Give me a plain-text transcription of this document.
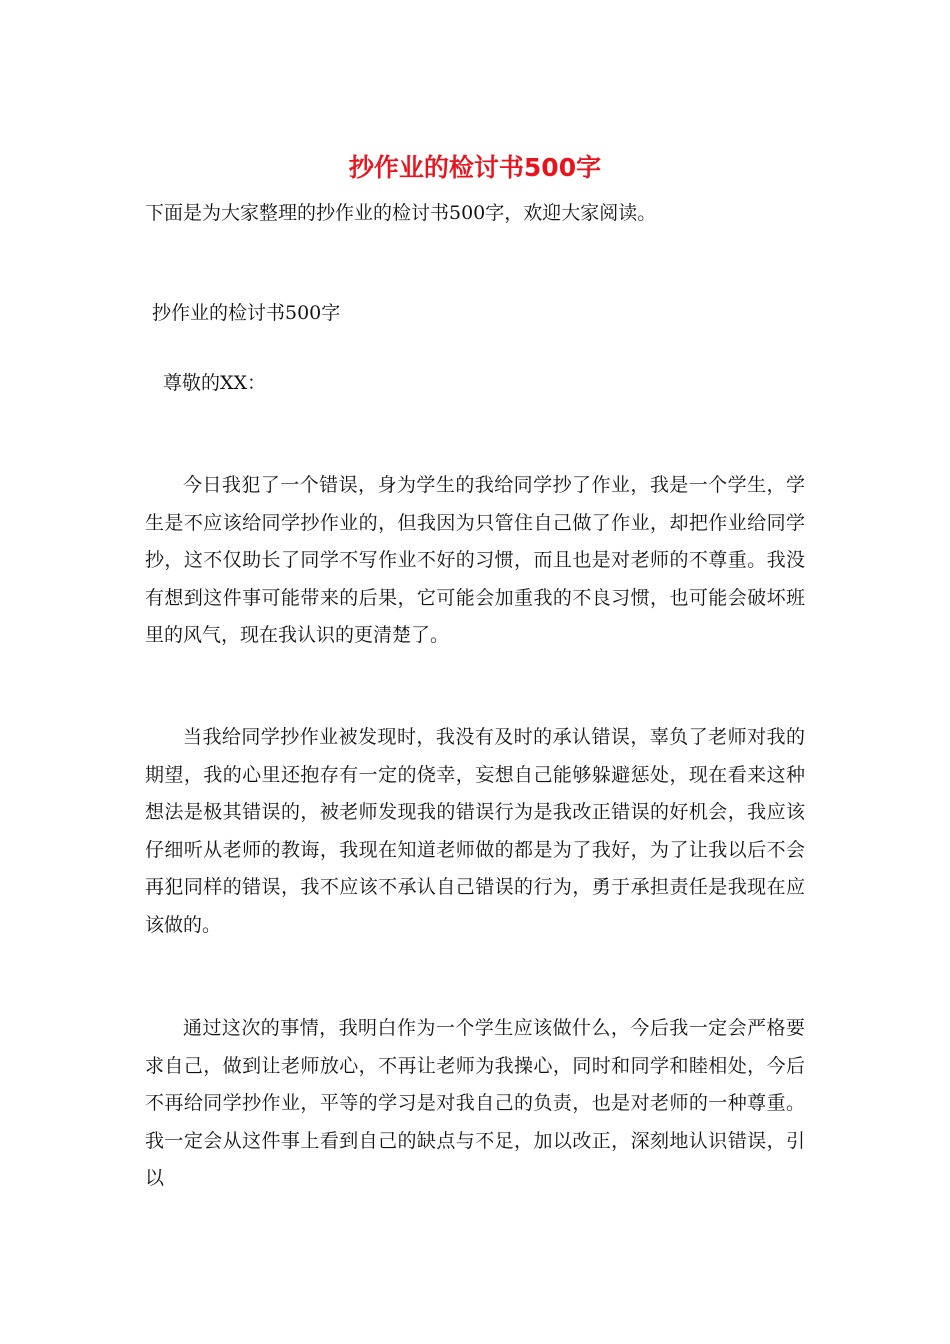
抄作业的检讨书500字

下面是为大家整理的抄作业的检讨书500字，欢迎大家阅读。

抄作业的检讨书500字

尊敬的XX：

今日我犯了一个错误，身为学生的我给同学抄了作业，我是一个学生，学生是不应该给同学抄作业的，但我因为只管住自己做了作业，却把作业给同学抄，这不仅助长了同学不写作业不好的习惯，而且也是对老师的不尊重。我没有想到这件事可能带来的后果，它可能会加重我的不良习惯，也可能会破坏班里的风气，现在我认识的更清楚了。

当我给同学抄作业被发现时，我没有及时的承认错误，辜负了老师对我的期望，我的心里还抱存有一定的侥幸，妄想自己能够躲避惩处，现在看来这种想法是极其错误的，被老师发现我的错误行为是我改正错误的好机会，我应该仔细听从老师的教诲，我现在知道老师做的都是为了我好，为了让我以后不会再犯同样的错误，我不应该不承认自己错误的行为，勇于承担责任是我现在应该做的。

通过这次的事情，我明白作为一个学生应该做什么，今后我一定会严格要求自己，做到让老师放心，不再让老师为我操心，同时和同学和睦相处，今后不再给同学抄作业，平等的学习是对我自己的负责，也是对老师的一种尊重。我一定会从这件事上看到自己的缺点与不足，加以改正，深刻地认识错误，引以
